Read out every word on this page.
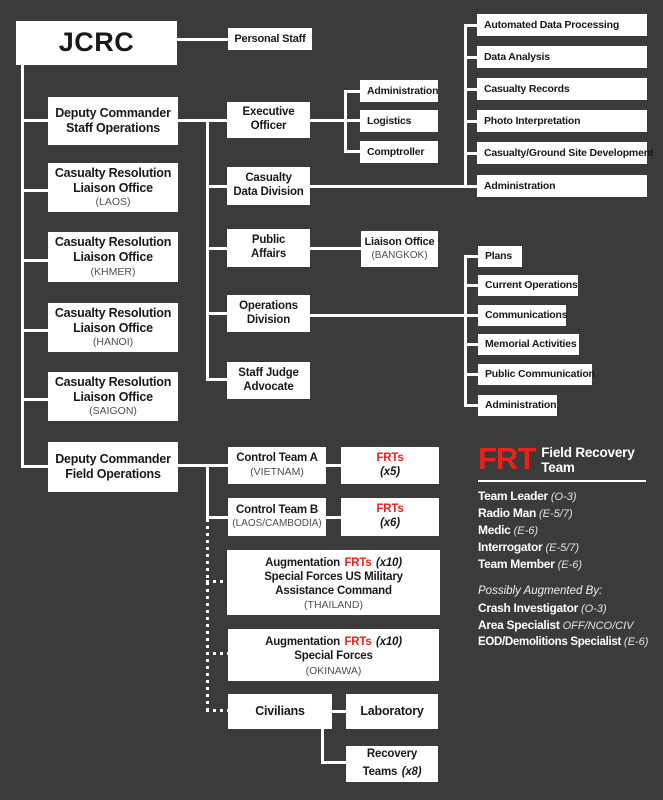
JCRC	Personal Staff
Deputy Commander
Staff Operations
Casualty Resolution
Liaison Office
(LAOS)
Casualty Resolution
Liaison Office
(KHMER)
Casualty Resolution
Liaison Office
(HANOI)
Casualty Resolution
Liaison Office
(SAIGON)
Deputy Commander
Field Operations
Executive
Officer
Casualty
Data Division
Public
Affairs
Operations
Division
Staff Judge
Advocate
Administration
Logistics
Comptroller
Automated Data Processing
Data Analysis
Casualty Records
Photo Interpretation
Casualty/Ground Site Development
Administration
Liaison Office
(BANGKOK)	Plans
Current Operations
Communications
Memorial Activities
Public Communication
Administration
Control Team A
(VIETNAM)
FRTs
(x5)
Control Team B
(LAOS/CAMBODIA)
FRTs
(x6)
Augmentation FRTs (x10)
Special Forces US Military
Assistance Command
(THAILAND)
Augmentation FRTs (x10)
Special Forces
(OKINAWA)
Civilians	Laboratory
Recovery
Teams (x8)
FRT Field Recovery
Team
Team Leader (O-3)
Radio Man (E-5/7)
Medic (E-6)
Interrogator (E-5/7)
Team Member (E-6)
Possibly Augmented By:
Crash Investigator (O-3)
Area Specialist OFF/NCO/CIV
EOD/Demolitions Specialist (E-6)
